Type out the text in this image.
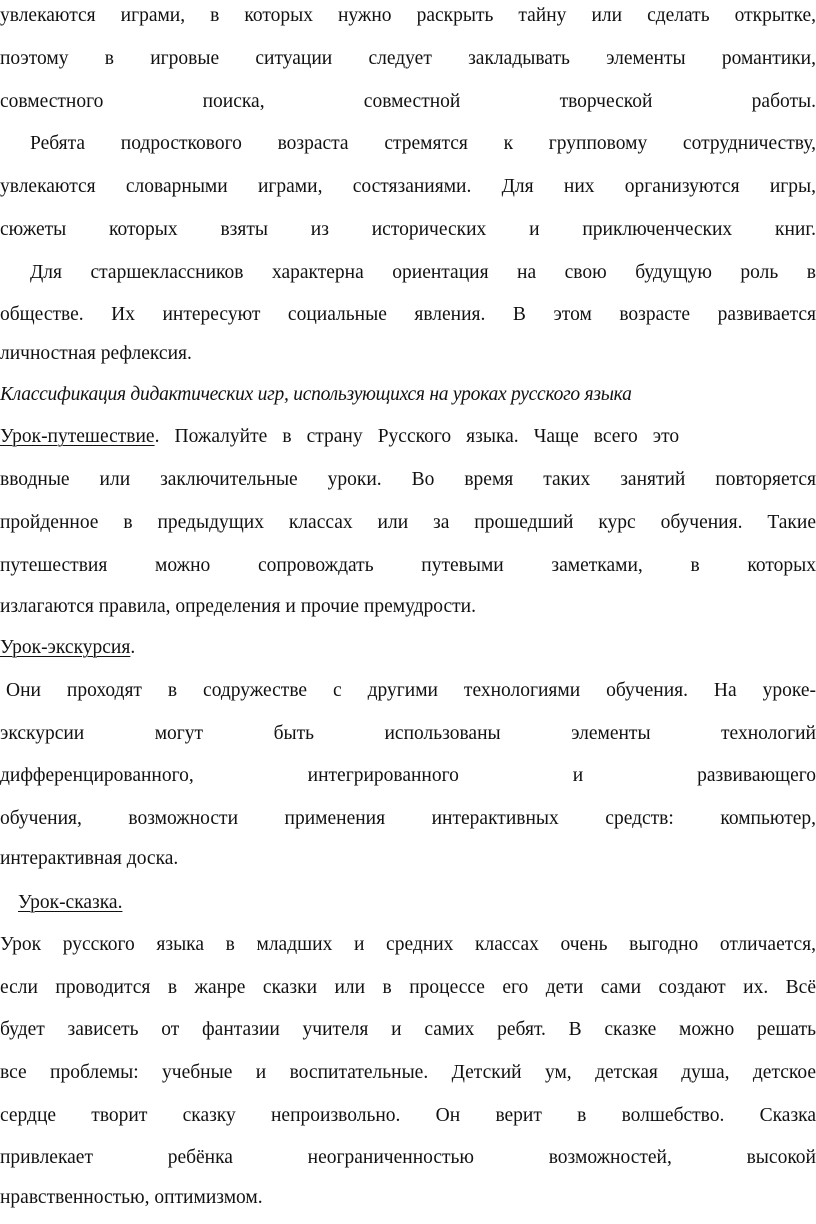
увлекаются играми, в которых нужно раскрыть тайну или сделать открытке,
поэтому в игровые ситуации следует закладывать элементы романтики,
совместного поиска, совместной творческой работы.
Ребята подросткового возраста стремятся к групповому сотрудничеству,
увлекаются словарными играми, состязаниями. Для них организуются игры,
сюжеты которых взяты из исторических и приключенческих книг.
Для старшеклассников характерна ориентация на свою будущую роль в
обществе. Их интересуют социальные явления. В этом возрасте развивается
личностная рефлексия.
Классификация дидактических игр, использующихся на уроках русского языка
Урок-путешествие. Пожалуйте в страну Русского языка. Чаще всего это
вводные или заключительные уроки. Во время таких занятий повторяется
пройденное в предыдущих классах или за прошедший курс обучения. Такие
путешествия можно сопровождать путевыми заметками, в которых
излагаются правила, определения и прочие премудрости.
Урок-экскурсия.
Они проходят в содружестве с другими технологиями обучения. На уроке-
экскурсии могут быть использованы элементы технологий
дифференцированного, интегрированного и развивающего
обучения, возможности применения интерактивных средств: компьютер,
интерактивная доска.
Урок-сказка.
Урок русского языка в младших и средних классах очень выгодно отличается,
если проводится в жанре сказки или в процессе его дети сами создают их. Всё
будет зависеть от фантазии учителя и самих ребят. В сказке можно решать
все проблемы: учебные и воспитательные. Детский ум, детская душа, детское
сердце творит сказку непроизвольно. Он верит в волшебство. Сказка
привлекает ребёнка неограниченностью возможностей, высокой
нравственностью, оптимизмом.
